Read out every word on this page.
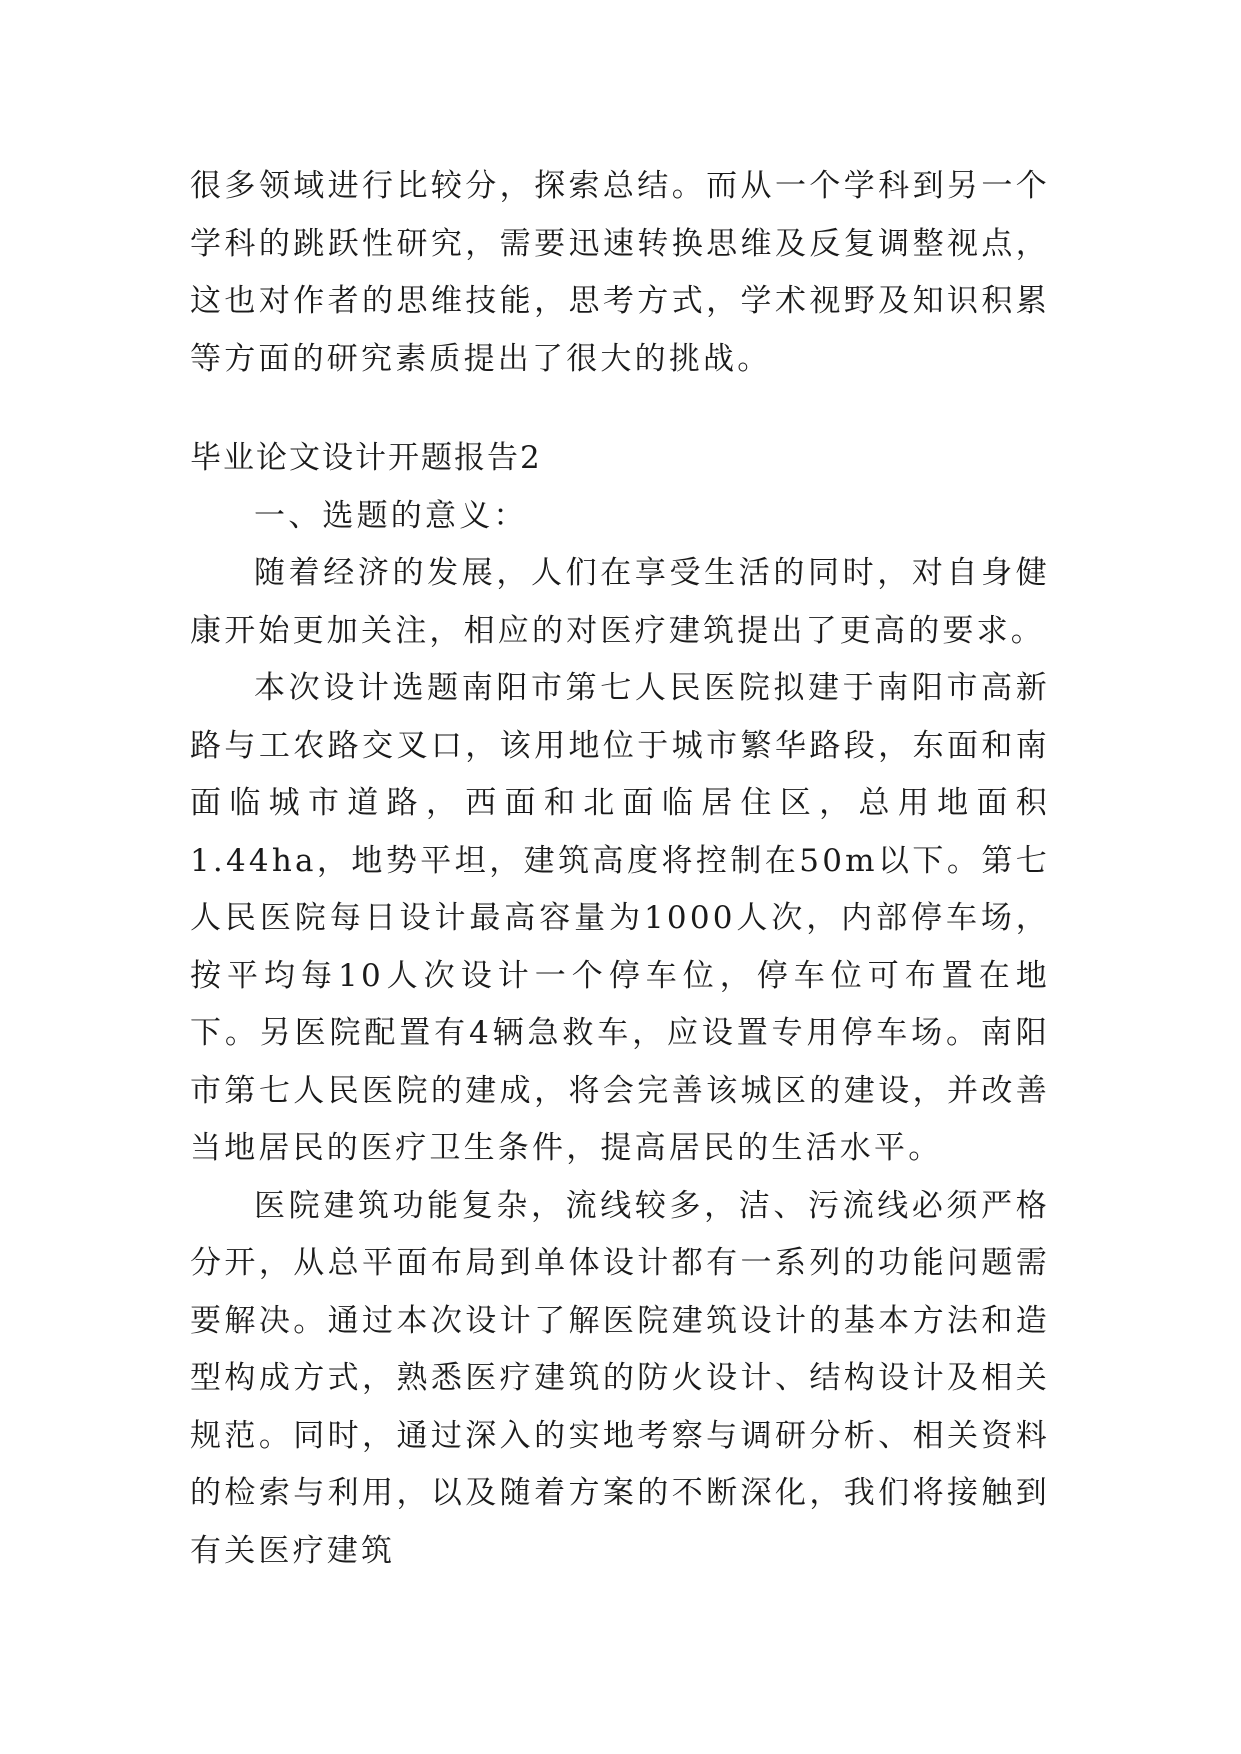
很多领域进行比较分，探索总结。而从一个学科到另一个学科的跳跃性研究，需要迅速转换思维及反复调整视点，这也对作者的思维技能，思考方式，学术视野及知识积累等方面的研究素质提出了很大的挑战。

毕业论文设计开题报告2

一、选题的意义：

随着经济的发展，人们在享受生活的同时，对自身健康开始更加关注，相应的对医疗建筑提出了更高的要求。

本次设计选题南阳市第七人民医院拟建于南阳市高新路与工农路交叉口，该用地位于城市繁华路段，东面和南面临城市道路，西面和北面临居住区，总用地面积1.44ha，地势平坦，建筑高度将控制在50m以下。第七人民医院每日设计最高容量为1000人次，内部停车场，按平均每10人次设计一个停车位，停车位可布置在地下。另医院配置有4辆急救车，应设置专用停车场。南阳市第七人民医院的建成，将会完善该城区的建设，并改善当地居民的医疗卫生条件，提高居民的生活水平。

医院建筑功能复杂，流线较多，洁、污流线必须严格分开，从总平面布局到单体设计都有一系列的功能问题需要解决。通过本次设计了解医院建筑设计的基本方法和造型构成方式，熟悉医疗建筑的防火设计、结构设计及相关规范。同时，通过深入的实地考察与调研分析、相关资料的检索与利用，以及随着方案的不断深化，我们将接触到有关医疗建筑
